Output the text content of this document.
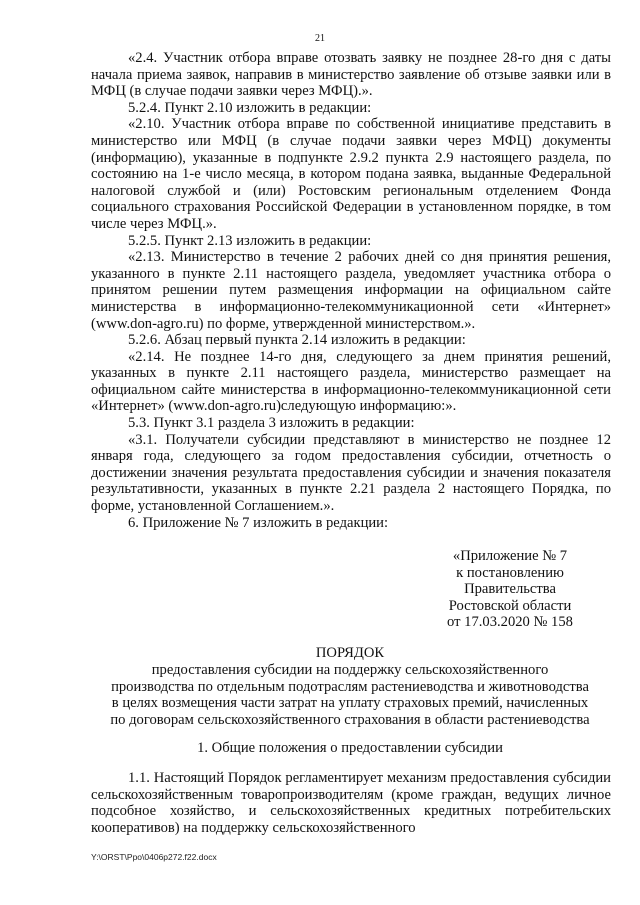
21

«2.4. Участник отбора вправе отозвать заявку не позднее 28-го дня с даты начала приема заявок, направив в министерство заявление об отзыве заявки или в МФЦ (в случае подачи заявки через МФЦ).».

5.2.4. Пункт 2.10 изложить в редакции:

«2.10. Участник отбора вправе по собственной инициативе представить в министерство или МФЦ (в случае подачи заявки через МФЦ) документы (информацию), указанные в подпункте 2.9.2 пункта 2.9 настоящего раздела, по состоянию на 1-е число месяца, в котором подана заявка, выданные Федеральной налоговой службой и (или) Ростовским региональным отделением Фонда социального страхования Российской Федерации в установленном порядке, в том числе через МФЦ.».

5.2.5. Пункт 2.13 изложить в редакции:

«2.13. Министерство в течение 2 рабочих дней со дня принятия решения, указанного в пункте 2.11 настоящего раздела, уведомляет участника отбора о принятом решении путем размещения информации на официальном сайте министерства в информационно-телекоммуникационной сети «Интернет» (www.don-agro.ru) по форме, утвержденной министерством.».

5.2.6. Абзац первый пункта 2.14 изложить в редакции:

«2.14. Не позднее 14-го дня, следующего за днем принятия решений, указанных в пункте 2.11 настоящего раздела, министерство размещает на официальном сайте министерства в информационно-телекоммуникационной сети «Интернет» (www.don-agro.ru)следующую информацию:».

5.3. Пункт 3.1 раздела 3 изложить в редакции:

«3.1. Получатели субсидии представляют в министерство не позднее 12 января года, следующего за годом предоставления субсидии, отчетность о достижении значения результата предоставления субсидии и значения показателя результативности, указанных в пункте 2.21 раздела 2 настоящего Порядка, по форме, установленной Соглашением.».

6. Приложение № 7 изложить в редакции:

«Приложение № 7
к постановлению
Правительства
Ростовской области
от 17.03.2020 № 158
ПОРЯДОК
предоставления субсидии на поддержку сельскохозяйственного
производства по отдельным подотраслям растениеводства и животноводства
в целях возмещения части затрат на уплату страховых премий, начисленных
по договорам сельскохозяйственного страхования в области растениеводства
1. Общие положения о предоставлении субсидии
1.1. Настоящий Порядок регламентирует механизм предоставления субсидии сельскохозяйственным товаропроизводителям (кроме граждан, ведущих личное подсобное хозяйство, и сельскохозяйственных кредитных потребительских кооперативов) на поддержку сельскохозяйственного
Y:\ORST\Ppo\0406p272.f22.docx
